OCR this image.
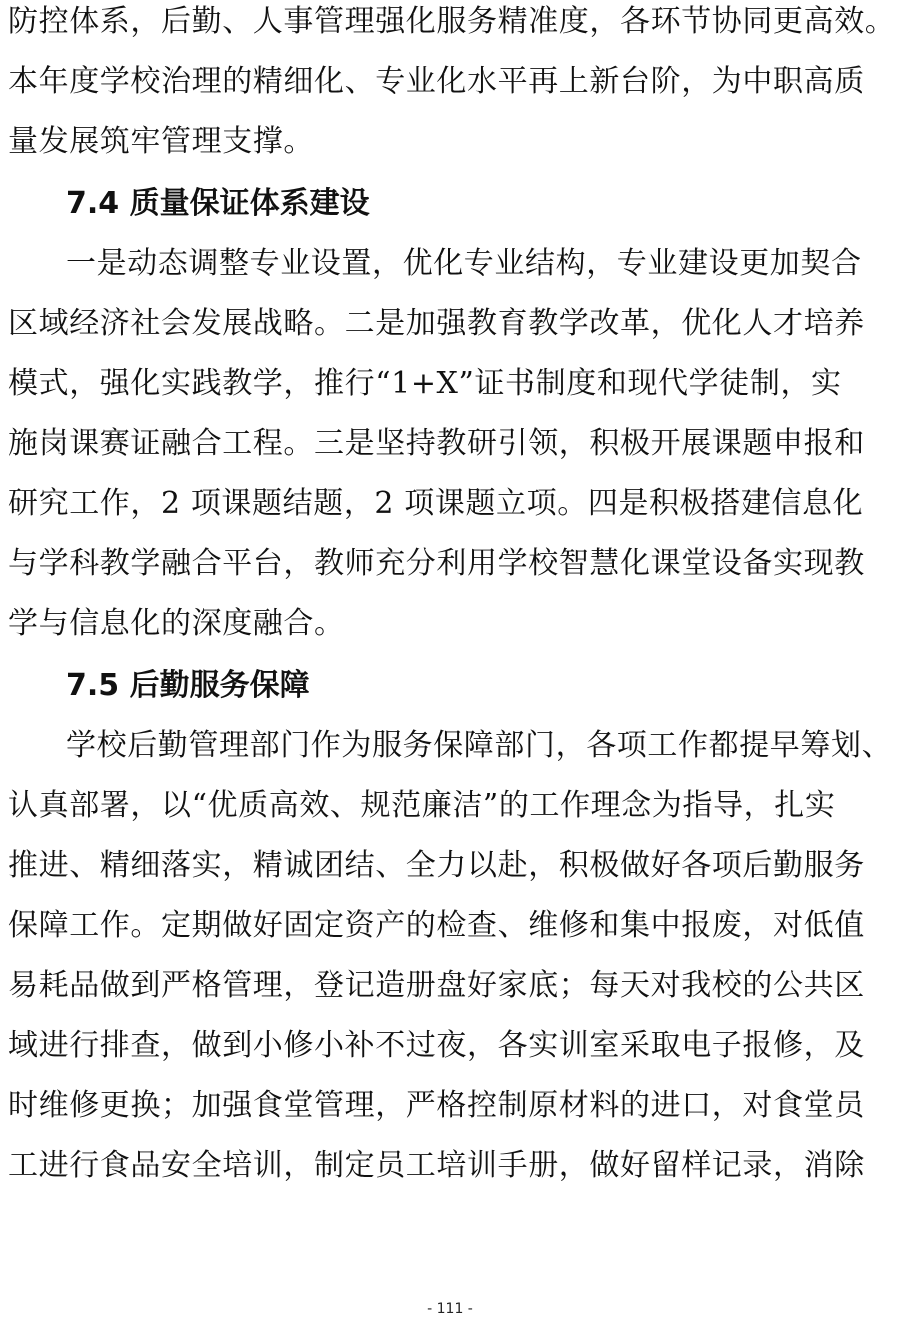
防控体系，后勤、人事管理强化服务精准度，各环节协同更高效。
本年度学校治理的精细化、专业化水平再上新台阶，为中职高质
量发展筑牢管理支撑。
7.4 质量保证体系建设
一是动态调整专业设置，优化专业结构，专业建设更加契合
区域经济社会发展战略。二是加强教育教学改革，优化人才培养
模式，强化实践教学，推行“1+X”证书制度和现代学徒制，实
施岗课赛证融合工程。三是坚持教研引领，积极开展课题申报和
研究工作，2 项课题结题，2 项课题立项。四是积极搭建信息化
与学科教学融合平台，教师充分利用学校智慧化课堂设备实现教
学与信息化的深度融合。
7.5 后勤服务保障
学校后勤管理部门作为服务保障部门，各项工作都提早筹划、
认真部署，以“优质高效、规范廉洁”的工作理念为指导，扎实
推进、精细落实，精诚团结、全力以赴，积极做好各项后勤服务
保障工作。定期做好固定资产的检查、维修和集中报废，对低值
易耗品做到严格管理，登记造册盘好家底；每天对我校的公共区
域进行排查，做到小修小补不过夜，各实训室采取电子报修，及
时维修更换；加强食堂管理，严格控制原材料的进口，对食堂员
工进行食品安全培训，制定员工培训手册，做好留样记录，消除
- 111 -
